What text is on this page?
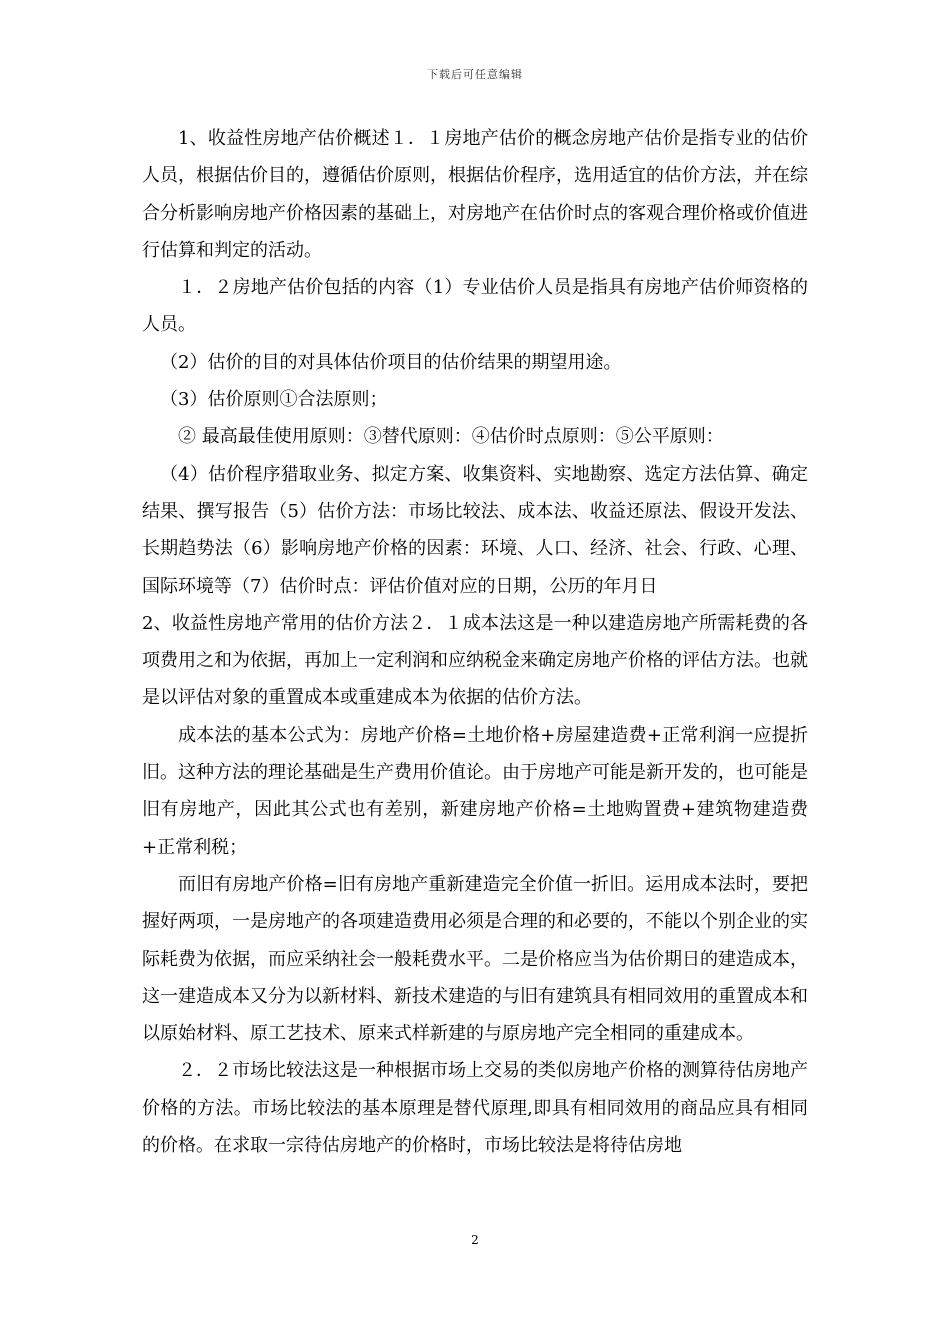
下载后可任意编辑

1、收益性房地产估价概述１．１房地产估价的概念房地产估价是指专业的估价人员，根据估价目的，遵循估价原则，根据估价程序，选用适宜的估价方法，并在综合分析影响房地产价格因素的基础上，对房地产在估价时点的客观合理价格或价值进行估算和判定的活动。

１．２房地产估价包括的内容（1）专业估价人员是指具有房地产估价师资格的人员。

（2）估价的目的对具体估价项目的估价结果的期望用途。

（3）估价原则①合法原则；

② 最高最佳使用原则：③替代原则：④估价时点原则：⑤公平原则：

（4）估价程序猎取业务、拟定方案、收集资料、实地勘察、选定方法估算、确定结果、撰写报告（5）估价方法：市场比较法、成本法、收益还原法、假设开发法、长期趋势法（6）影响房地产价格的因素：环境、人口、经济、社会、行政、心理、国际环境等（7）估价时点：评估价值对应的日期，公历的年月日

2、收益性房地产常用的估价方法２．１成本法这是一种以建造房地产所需耗费的各项费用之和为依据，再加上一定利润和应纳税金来确定房地产价格的评估方法。也就是以评估对象的重置成本或重建成本为依据的估价方法。

成本法的基本公式为：房地产价格=土地价格+房屋建造费+正常利润一应提折旧。这种方法的理论基础是生产费用价值论。由于房地产可能是新开发的，也可能是旧有房地产，因此其公式也有差别，新建房地产价格=土地购置费+建筑物建造费+正常利税；

而旧有房地产价格=旧有房地产重新建造完全价值一折旧。运用成本法时，要把握好两项，一是房地产的各项建造费用必须是合理的和必要的，不能以个别企业的实际耗费为依据，而应采纳社会一般耗费水平。二是价格应当为估价期日的建造成本，这一建造成本又分为以新材料、新技术建造的与旧有建筑具有相同效用的重置成本和以原始材料、原工艺技术、原来式样新建的与原房地产完全相同的重建成本。

２．２市场比较法这是一种根据市场上交易的类似房地产价格的测算待估房地产价格的方法。市场比较法的基本原理是替代原理,即具有相同效用的商品应具有相同的价格。在求取一宗待估房地产的价格时，市场比较法是将待估房地

2
